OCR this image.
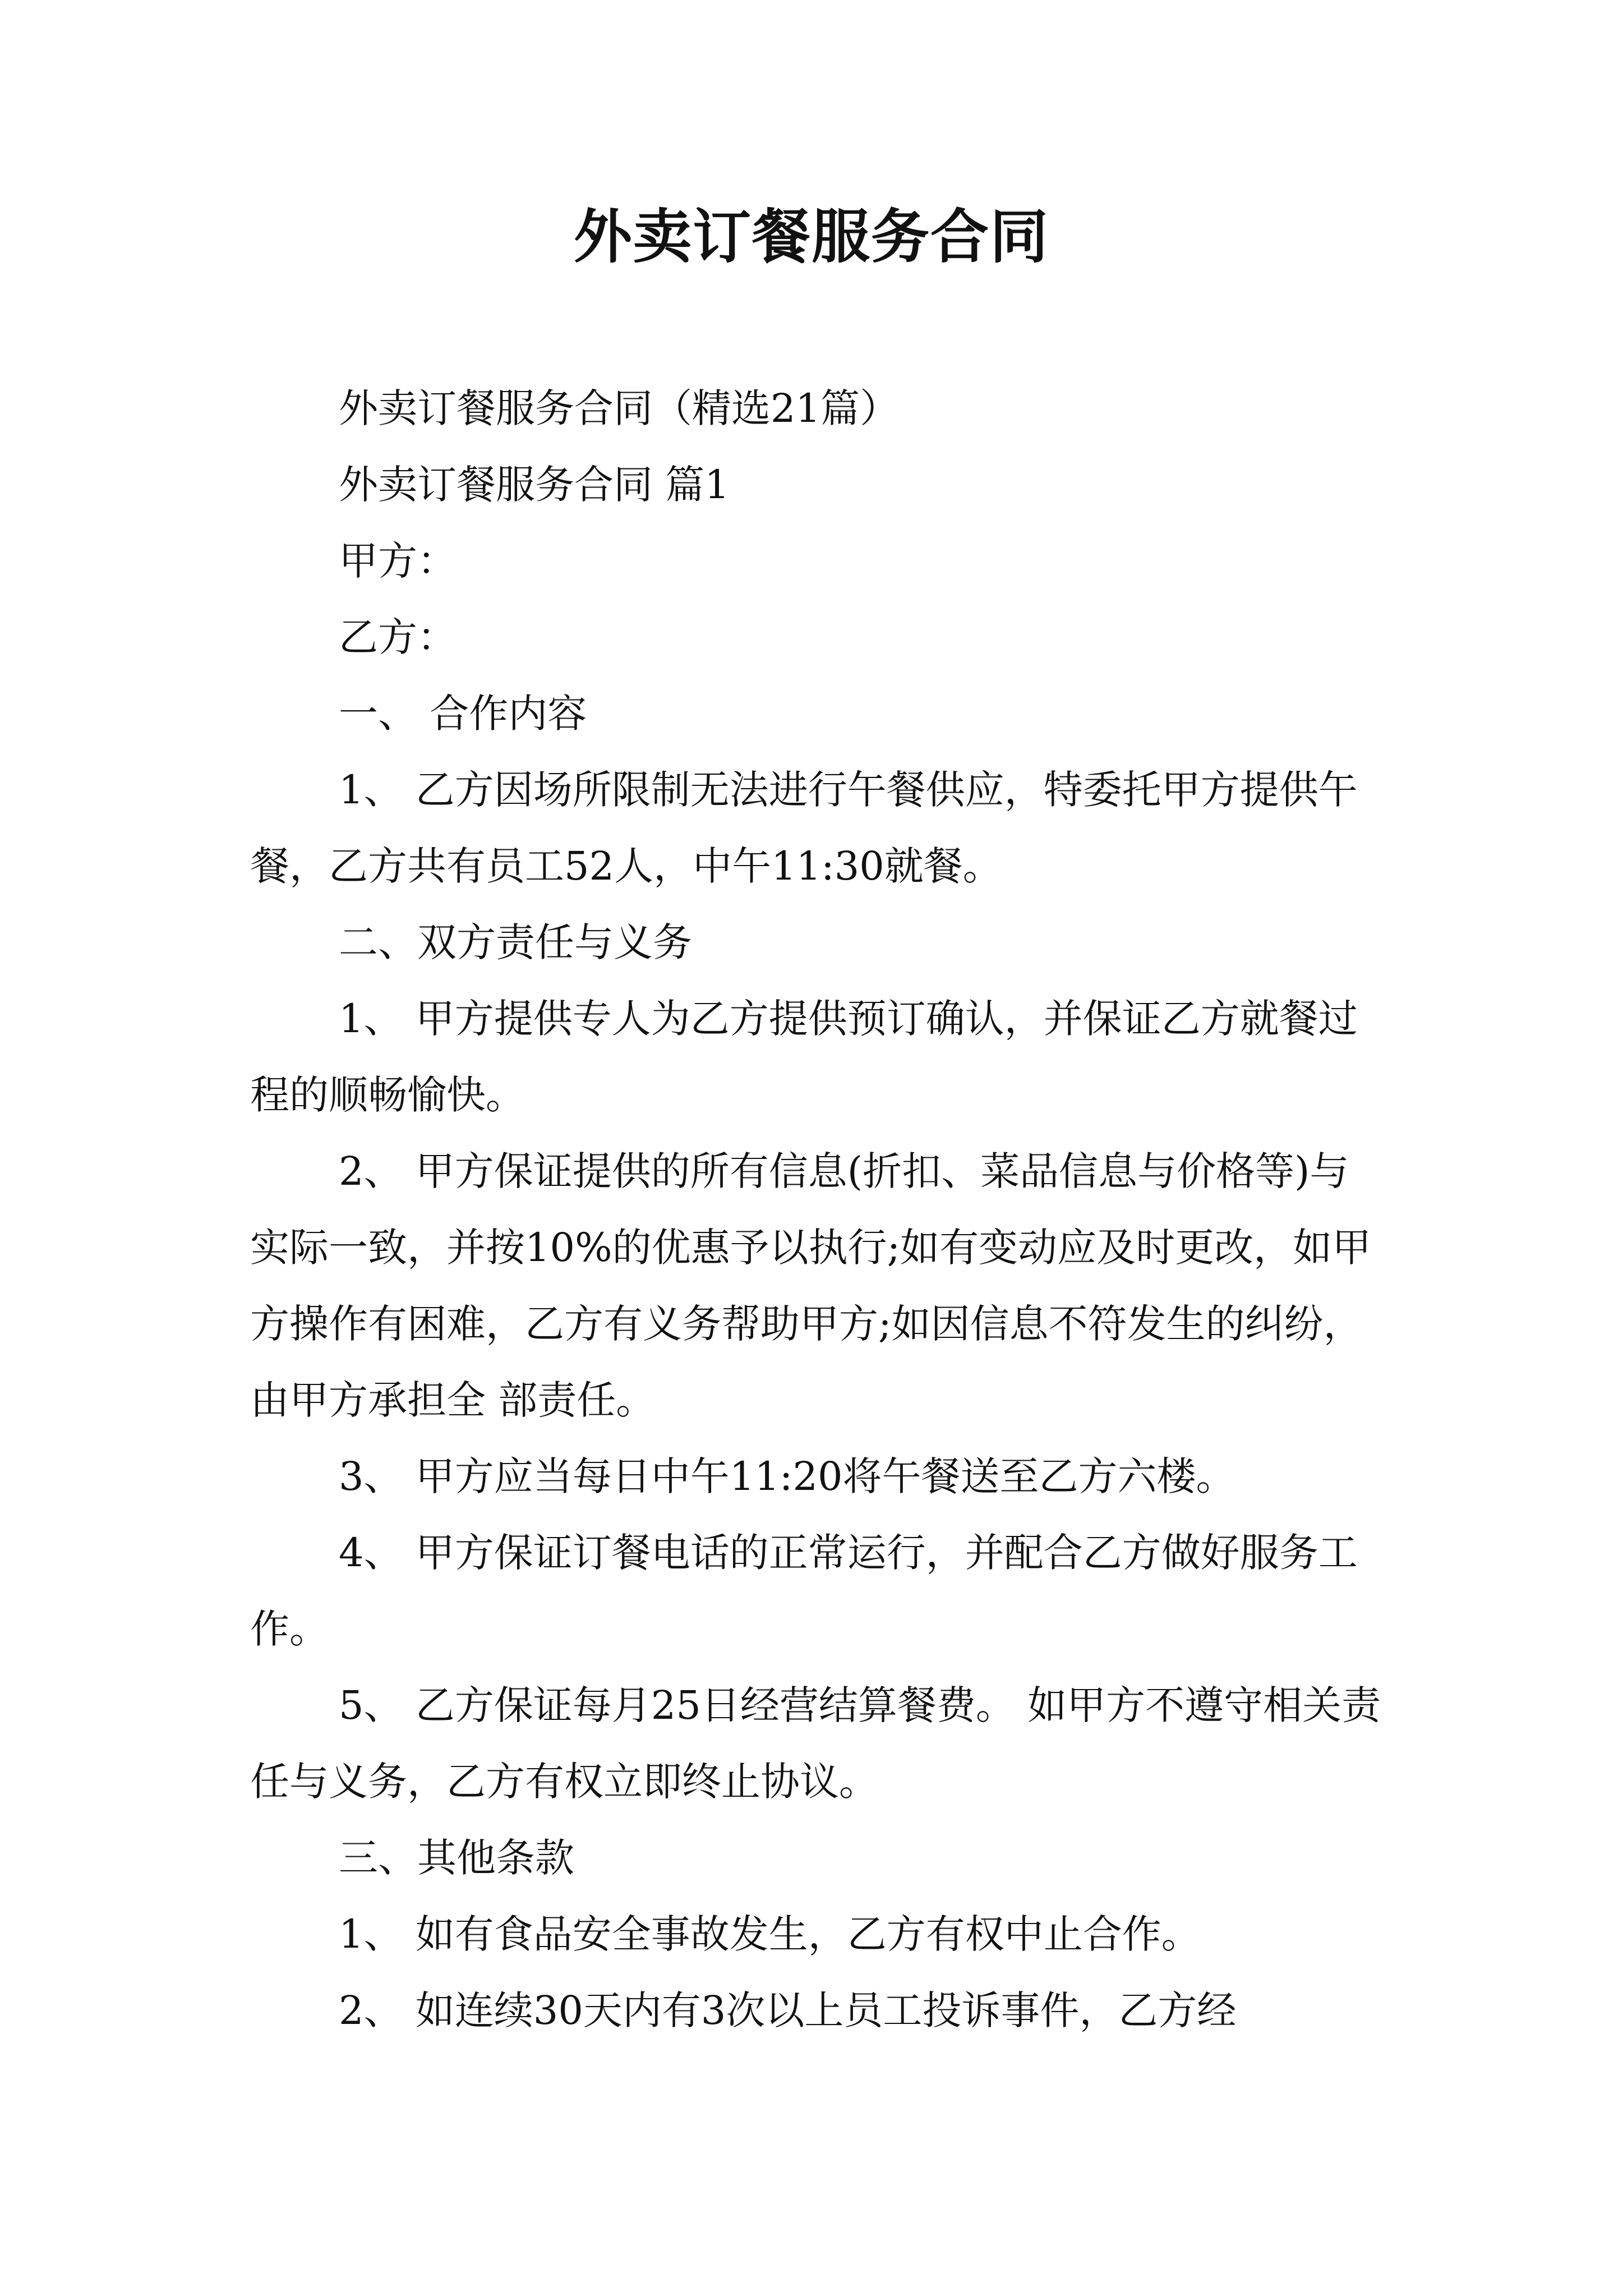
外卖订餐服务合同

外卖订餐服务合同（精选21篇）

外卖订餐服务合同 篇1

甲方：

乙方：

一、 合作内容

1、 乙方因场所限制无法进行午餐供应，特委托甲方提供午餐，乙方共有员工52人，中午11:30就餐。

二、双方责任与义务

1、 甲方提供专人为乙方提供预订确认，并保证乙方就餐过程的顺畅愉快。

2、 甲方保证提供的所有信息(折扣、菜品信息与价格等)与实际一致，并按10%的优惠予以执行;如有变动应及时更改，如甲方操作有困难，乙方有义务帮助甲方;如因信息不符发生的纠纷，由甲方承担全 部责任。

3、 甲方应当每日中午11:20将午餐送至乙方六楼。

4、 甲方保证订餐电话的正常运行，并配合乙方做好服务工作。

5、 乙方保证每月25日经营结算餐费。 如甲方不遵守相关责任与义务，乙方有权立即终止协议。

三、其他条款

1、 如有食品安全事故发生，乙方有权中止合作。

2、 如连续30天内有3次以上员工投诉事件，乙方经
